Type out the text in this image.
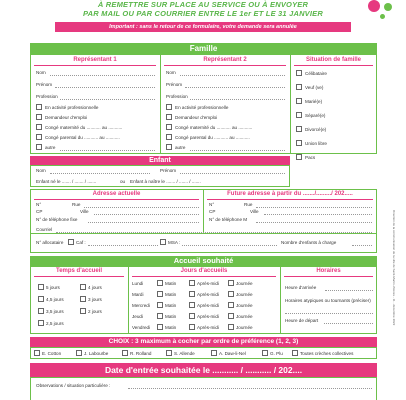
À REMETTRE SUR PLACE AU SERVICE OU À ENVOYER
PAR MAIL OU PAR COURRIER ENTRE LE 1er ET LE 31 JANVIER
Important : sans le retour de ce formulaire, votre demande sera annulée
Famille
Représentant 1	Représentant 2	Situation de famille
Nom
Prénom
Profession
En activité professionnelle
Demandeur d'emploi
Congé maternité du ........... au ...........
Congé parental du ........... au ...........
autre
Nom
Prénom
Profession
En activité professionnelle
Demandeur d'emploi
Congé maternité du ........... au ...........
Congé parental du ........... au ...........
autre
Célibataire
Veuf (ve)
Marié(e)
Séparé(e)
Divorcé(e)
Union libre
Pacs
Enfant
Nom	Prénom
Enfant né le ....... / ....... / .......	ou Enfant à naître le ....... / ....... / .......
Adresse actuelle	Future adresse à partir du ......./........./ 202.....
N°	Rue
CP	Ville
N° de téléphone fixe
N°	Rue
CP	Ville
N° de téléphone M
Courriel
N° allocataire	Caf :	MSA :	Nombre d'enfants à charge
Accueil souhaité
Temps d'accueil	Jours d'accueils	Horaires
5 jours	4 jours
4,5 jours	3 jours
3,5 jours	2 jours
2,5 jours
Lundi	Matin	Après-midi	Journée
Mardi	Matin	Après-midi	Journée
Mercredi	Matin	Après-midi	Journée
Jeudi	Matin	Après-midi	Journée
Vendredi	Matin	Après-midi	Journée
Heure d'arrivée
Horaires atypiques ou tournants (préciser)
Heure de départ
CHOIX : 3 maximum à cocher par ordre de préférence (1, 2, 3)
E. Cotton	J. Labourbe	R. Rolland	S. Allende	A. Daw-li-Nel	G. Plu	Toutes crèches collectives
Date d'entrée souhaitée le ........... / ........... / 202....
Observations / situation particulière :
Direction de la communication de la ville de Saint-Martin-d'Hères - 11 - décembre 2022
